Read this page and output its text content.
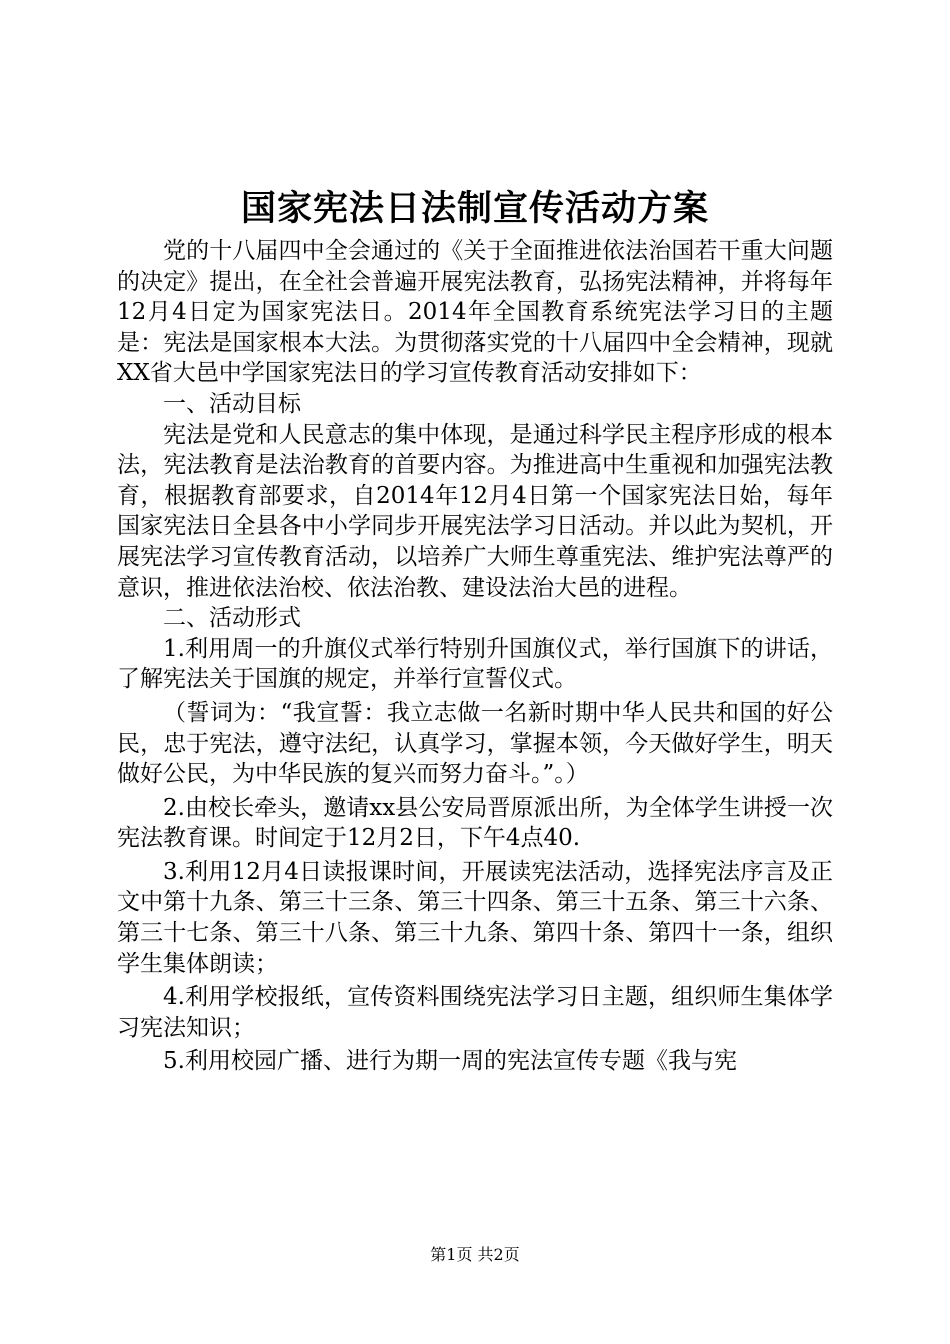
国家宪法日法制宣传活动方案

党的十八届四中全会通过的《关于全面推进依法治国若干重大问题的决定》提出，在全社会普遍开展宪法教育，弘扬宪法精神，并将每年12月4日定为国家宪法日。2014年全国教育系统宪法学习日的主题是：宪法是国家根本大法。为贯彻落实党的十八届四中全会精神，现就XX省大邑中学国家宪法日的学习宣传教育活动安排如下：

一、活动目标

宪法是党和人民意志的集中体现，是通过科学民主程序形成的根本法，宪法教育是法治教育的首要内容。为推进高中生重视和加强宪法教育，根据教育部要求，自2014年12月4日第一个国家宪法日始，每年国家宪法日全县各中小学同步开展宪法学习日活动。并以此为契机，开展宪法学习宣传教育活动，以培养广大师生尊重宪法、维护宪法尊严的意识，推进依法治校、依法治教、建设法治大邑的进程。

二、活动形式

1.利用周一的升旗仪式举行特别升国旗仪式，举行国旗下的讲话，了解宪法关于国旗的规定，并举行宣誓仪式。

（誓词为：“我宣誓：我立志做一名新时期中华人民共和国的好公民，忠于宪法，遵守法纪，认真学习，掌握本领，今天做好学生，明天做好公民，为中华民族的复兴而努力奋斗。”。）

2.由校长牵头，邀请xx县公安局晋原派出所，为全体学生讲授一次宪法教育课。时间定于12月2日，下午4点40.

3.利用12月4日读报课时间，开展读宪法活动，选择宪法序言及正文中第十九条、第三十三条、第三十四条、第三十五条、第三十六条、第三十七条、第三十八条、第三十九条、第四十条、第四十一条，组织学生集体朗读；

4.利用学校报纸，宣传资料围绕宪法学习日主题，组织师生集体学习宪法知识；

5.利用校园广播、进行为期一周的宪法宣传专题《我与宪

第1页 共2页
